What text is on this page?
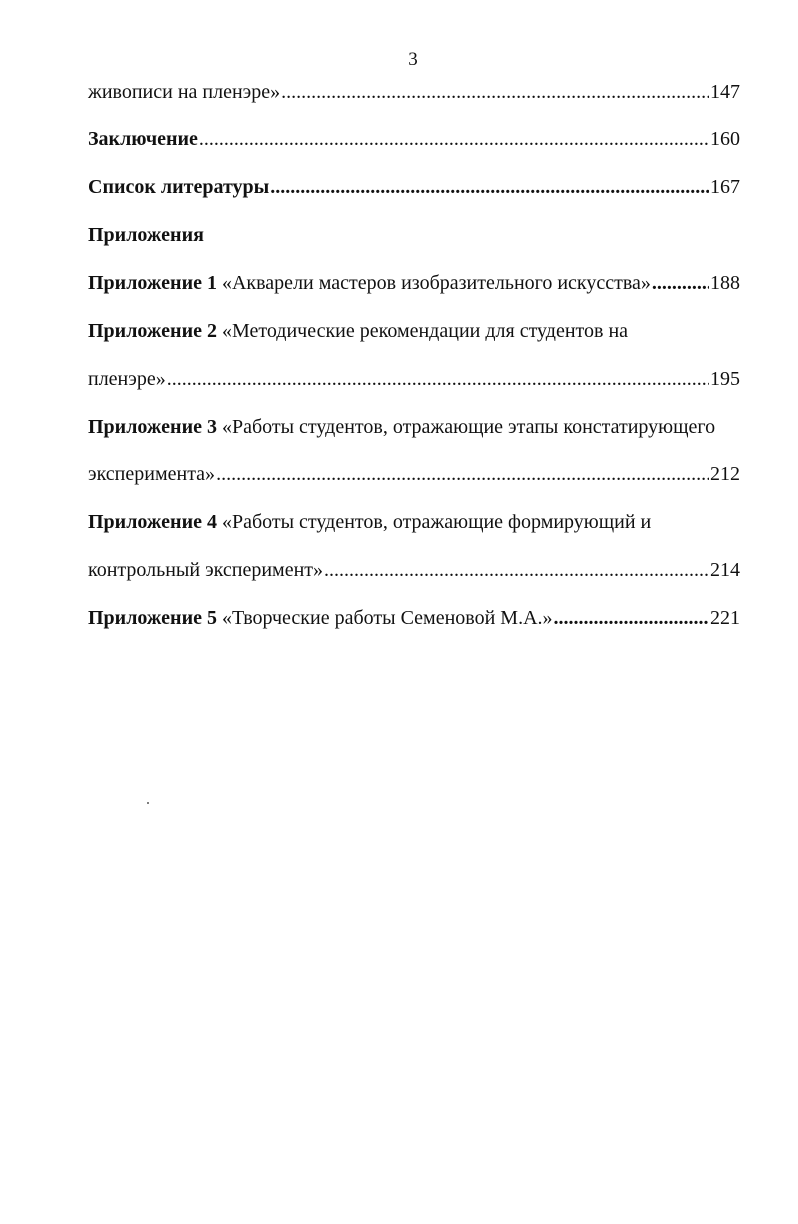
3
живописи на пленэре» .....	147
Заключение .....	160
Список литературы .....	167
Приложения
Приложение 1 «Акварели мастеров изобразительного искусства» .....	188
Приложение 2 «Методические рекомендации для студентов на
пленэре» .....	195
Приложение 3 «Работы студентов, отражающие этапы констатирующего
эксперимента» .....	212
Приложение 4 «Работы студентов, отражающие формирующий и
контрольный эксперимент» .....	214
Приложение 5 «Творческие работы Семеновой М.А.» .....	221
